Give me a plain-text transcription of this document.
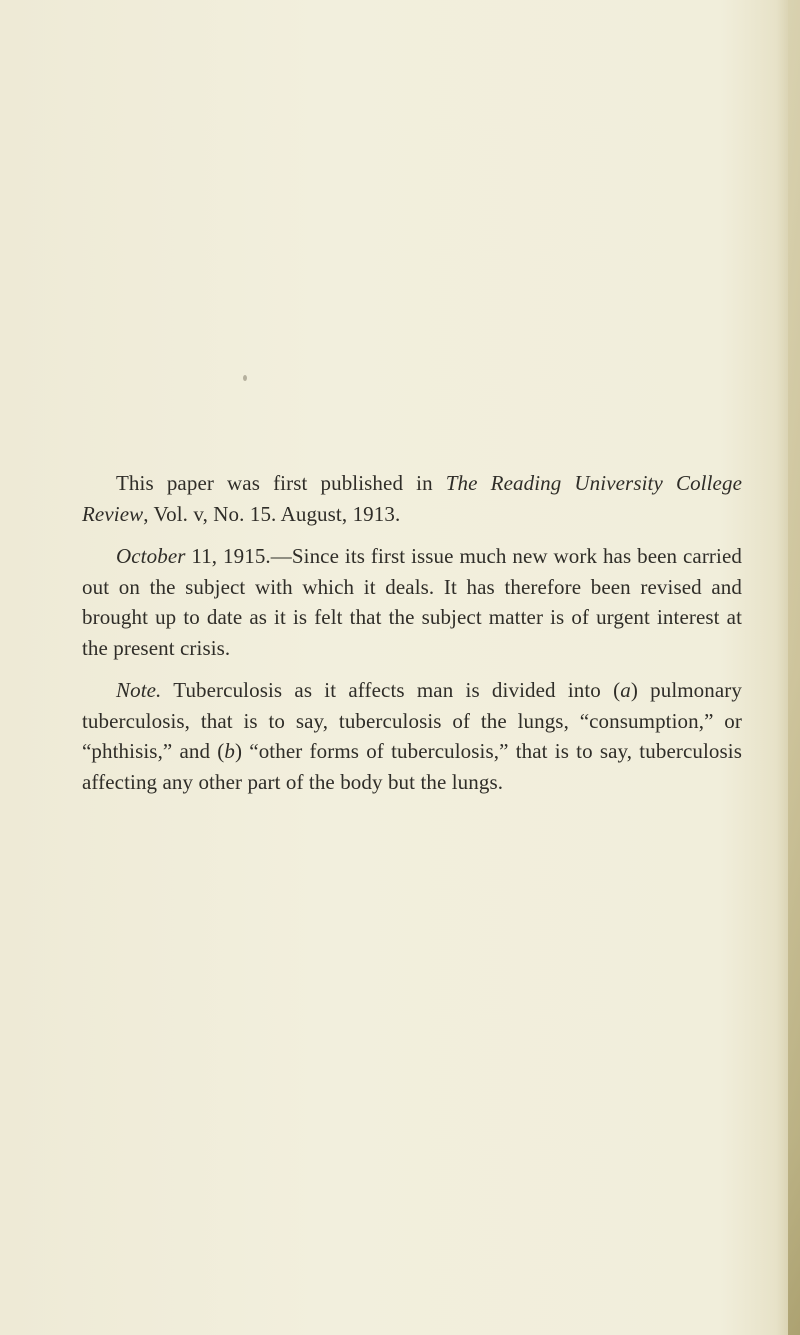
This paper was first published in The Reading University College Review, Vol. v, No. 15. August, 1913.

October 11, 1915.—Since its first issue much new work has been carried out on the subject with which it deals. It has therefore been revised and brought up to date as it is felt that the subject matter is of urgent interest at the present crisis.

Note. Tuberculosis as it affects man is divided into (a) pulmonary tuberculosis, that is to say, tuberculosis of the lungs, “consumption,” or “phthisis,” and (b) “other forms of tuberculosis,” that is to say, tuberculosis affecting any other part of the body but the lungs.
